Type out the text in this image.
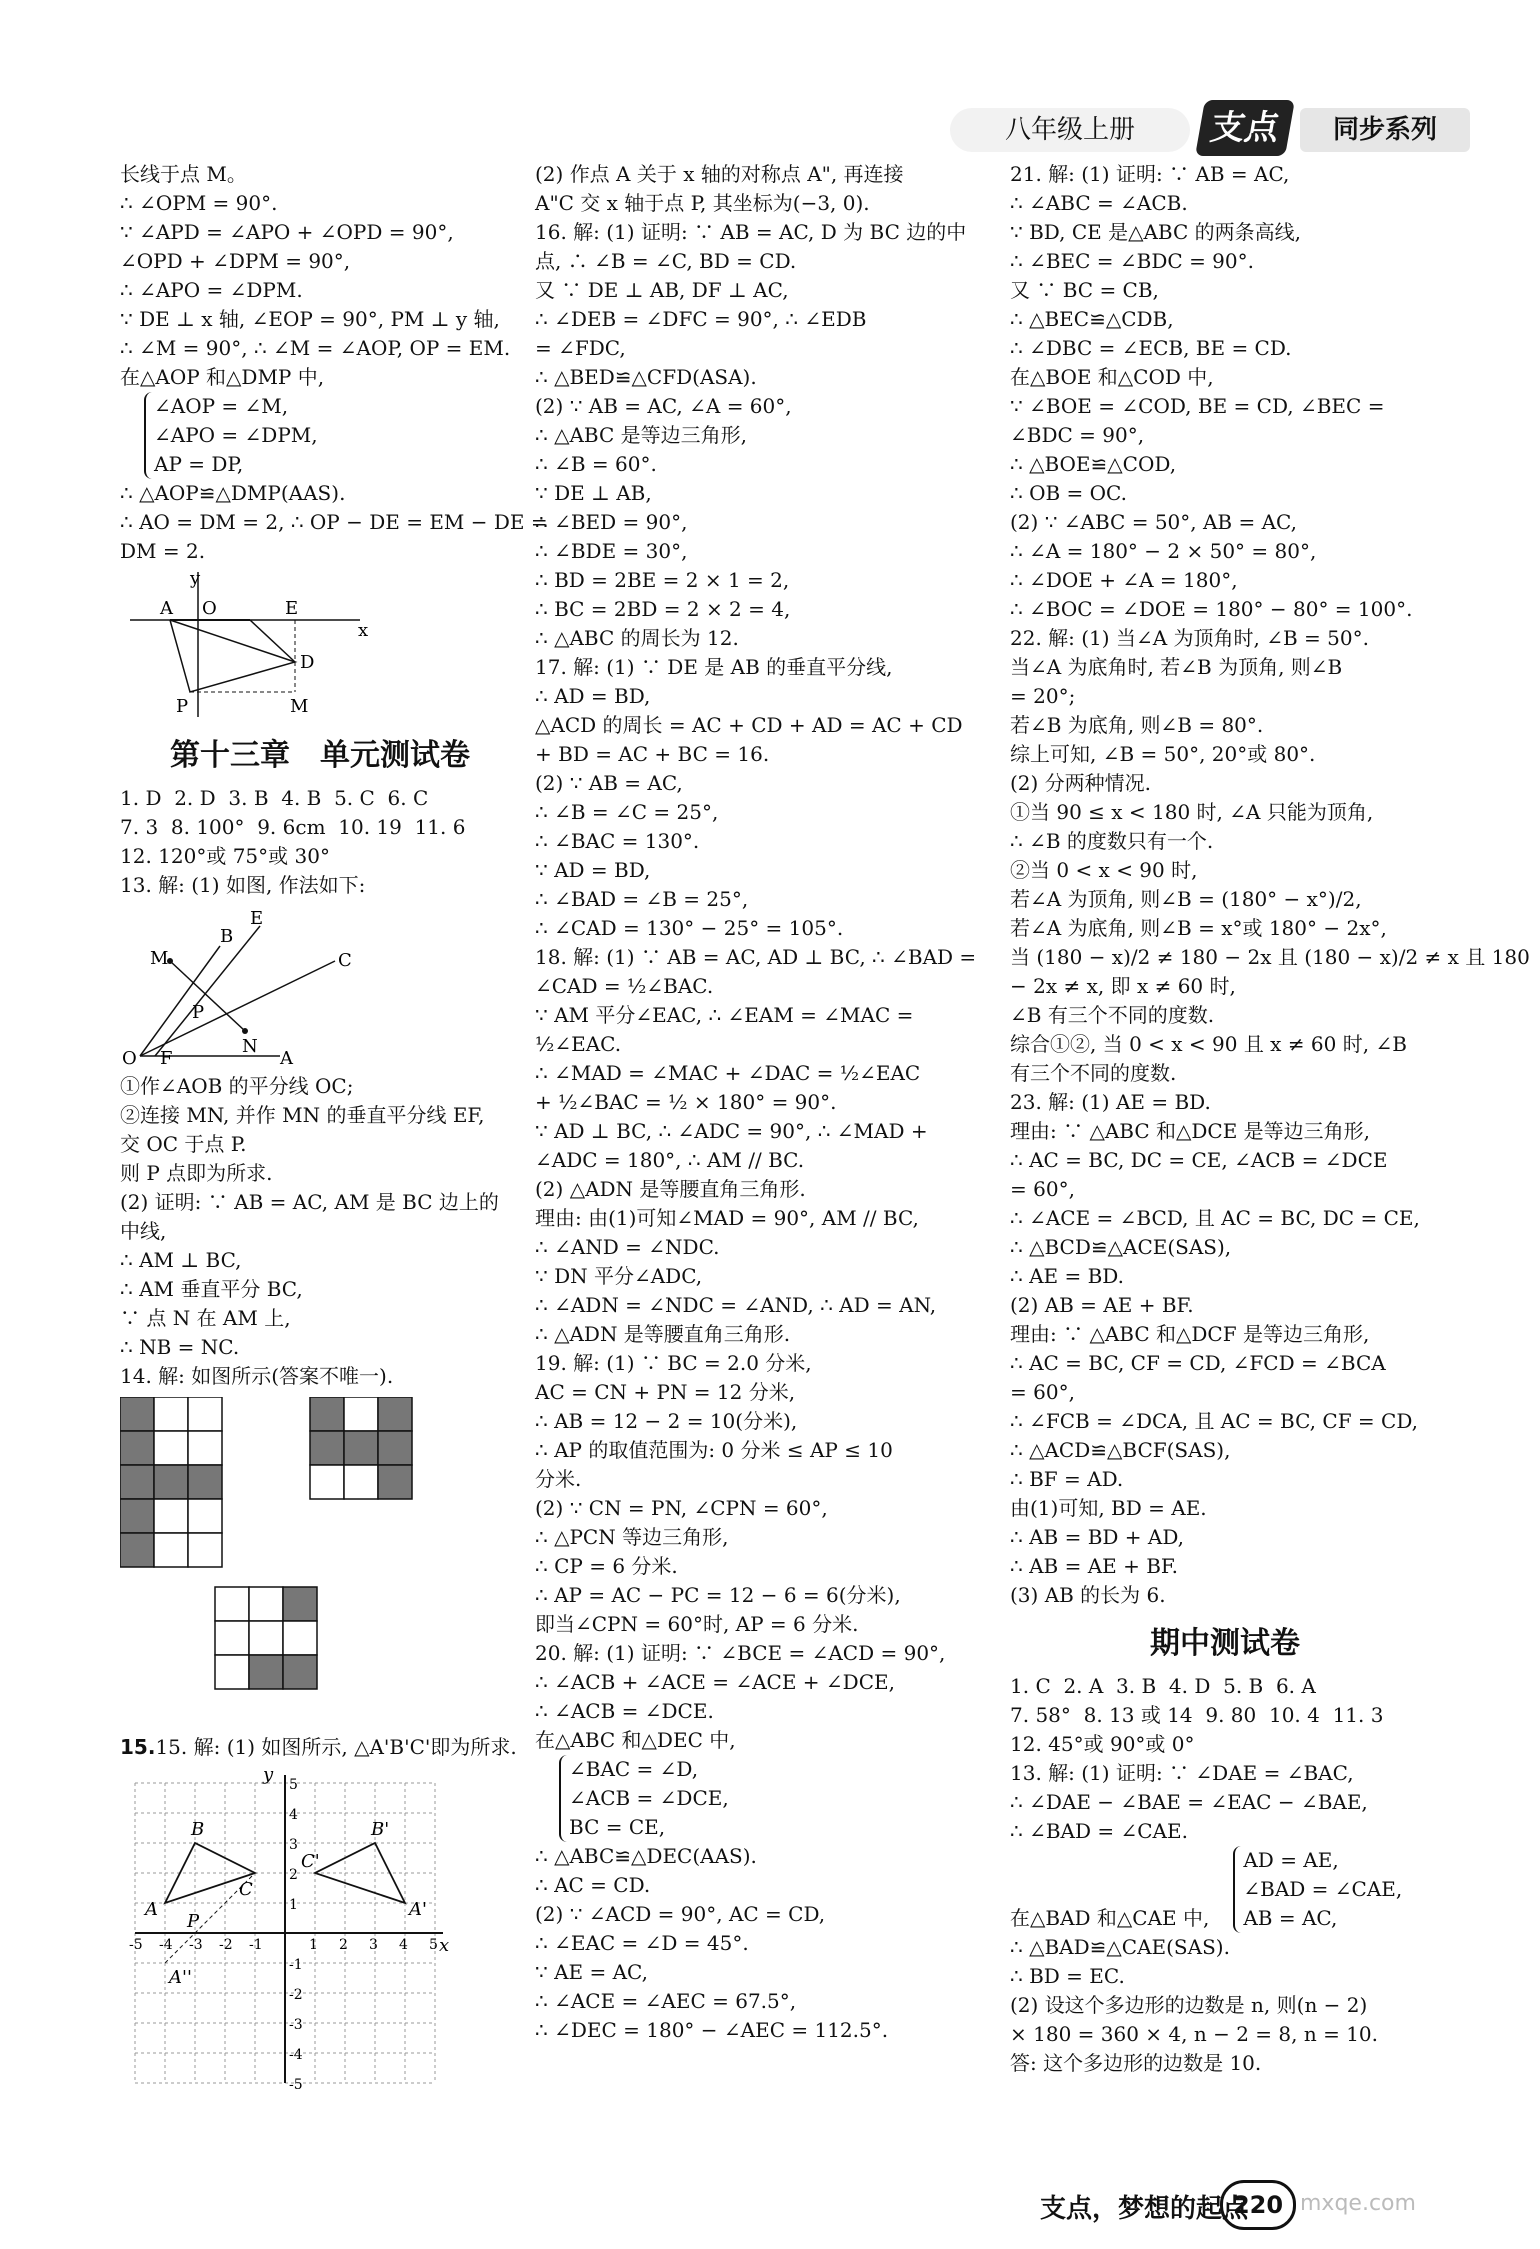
八年级上册	支点	同步系列
长线于点 M。
∴ ∠OPM = 90°.
∵ ∠APD = ∠APO + ∠OPD = 90°,
∠OPD + ∠DPM = 90°,
∴ ∠APO = ∠DPM.
∵ DE ⊥ x 轴, ∠EOP = 90°, PM ⊥ y 轴,
∴ ∠M = 90°, ∴ ∠M = ∠AOP, OP = EM.
在△AOP 和△DMP 中,
∠AOP = ∠M,
∠APO = ∠DPM,
AP = DP,
∴ △AOP≌△DMP(AAS).
∴ AO = DM = 2, ∴ OP − DE = EM − DE =
DM = 2.
y
A O	E
x
D
P	M
第十三章　单元测试卷
1. D  2. D  3. B  4. B  5. C  6. C
7. 3  8. 100°  9. 6cm  10. 19  11. 6
12. 120°或 75°或 30°
13. 解: (1) 如图, 作法如下:
E
B
M	C
P
N
O F	A
①作∠AOB 的平分线 OC;
②连接 MN, 并作 MN 的垂直平分线 EF,
交 OC 于点 P.
则 P 点即为所求.
(2) 证明: ∵ AB = AC, AM 是 BC 边上的
中线,
∴ AM ⊥ BC,
∴ AM 垂直平分 BC,
∵ 点 N 在 AM 上,
∴ NB = NC.
14. 解: 如图所示(答案不唯一).
15.15. 解: (1) 如图所示, △A'B'C'即为所求.
y
x
B	B'
C
C'
A	A'
P
A''
5
5
4
4
3
3
2
2
1
1
-1
-1
-2
-2
-3
-3
-4
-4
-5
-5
(2) 作点 A 关于 x 轴的对称点 A", 再连接
A"C 交 x 轴于点 P, 其坐标为(−3, 0).
16. 解: (1) 证明: ∵ AB = AC, D 为 BC 边的中
点, ∴ ∠B = ∠C, BD = CD.
又 ∵ DE ⊥ AB, DF ⊥ AC,
∴ ∠DEB = ∠DFC = 90°, ∴ ∠EDB
= ∠FDC,
∴ △BED≌△CFD(ASA).
(2) ∵ AB = AC, ∠A = 60°,
∴ △ABC 是等边三角形,
∴ ∠B = 60°.
∵ DE ⊥ AB,
∴ ∠BED = 90°,
∴ ∠BDE = 30°,
∴ BD = 2BE = 2 × 1 = 2,
∴ BC = 2BD = 2 × 2 = 4,
∴ △ABC 的周长为 12.
17. 解: (1) ∵ DE 是 AB 的垂直平分线,
∴ AD = BD,
△ACD 的周长 = AC + CD + AD = AC + CD
+ BD = AC + BC = 16.
(2) ∵ AB = AC,
∴ ∠B = ∠C = 25°,
∴ ∠BAC = 130°.
∵ AD = BD,
∴ ∠BAD = ∠B = 25°,
∴ ∠CAD = 130° − 25° = 105°.
18. 解: (1) ∵ AB = AC, AD ⊥ BC, ∴ ∠BAD =
∠CAD = ½∠BAC.
∵ AM 平分∠EAC, ∴ ∠EAM = ∠MAC =
½∠EAC.
∴ ∠MAD = ∠MAC + ∠DAC = ½∠EAC
+ ½∠BAC = ½ × 180° = 90°.
∵ AD ⊥ BC, ∴ ∠ADC = 90°, ∴ ∠MAD +
∠ADC = 180°, ∴ AM // BC.
(2) △ADN 是等腰直角三角形.
理由: 由(1)可知∠MAD = 90°, AM // BC,
∴ ∠AND = ∠NDC.
∵ DN 平分∠ADC,
∴ ∠ADN = ∠NDC = ∠AND, ∴ AD = AN,
∴ △ADN 是等腰直角三角形.
19. 解: (1) ∵ BC = 2.0 分米,
AC = CN + PN = 12 分米,
∴ AB = 12 − 2 = 10(分米),
∴ AP 的取值范围为: 0 分米 ≤ AP ≤ 10
分米.
(2) ∵ CN = PN, ∠CPN = 60°,
∴ △PCN 等边三角形,
∴ CP = 6 分米.
∴ AP = AC − PC = 12 − 6 = 6(分米),
即当∠CPN = 60°时, AP = 6 分米.
20. 解: (1) 证明: ∵ ∠BCE = ∠ACD = 90°,
∴ ∠ACB + ∠ACE = ∠ACE + ∠DCE,
∴ ∠ACB = ∠DCE.
在△ABC 和△DEC 中,
∠BAC = ∠D,
∠ACB = ∠DCE,
BC = CE,
∴ △ABC≌△DEC(AAS).
∴ AC = CD.
(2) ∵ ∠ACD = 90°, AC = CD,
∴ ∠EAC = ∠D = 45°.
∵ AE = AC,
∴ ∠ACE = ∠AEC = 67.5°,
∴ ∠DEC = 180° − ∠AEC = 112.5°.
21. 解: (1) 证明: ∵ AB = AC,
∴ ∠ABC = ∠ACB.
∵ BD, CE 是△ABC 的两条高线,
∴ ∠BEC = ∠BDC = 90°.
又 ∵ BC = CB,
∴ △BEC≌△CDB,
∴ ∠DBC = ∠ECB, BE = CD.
在△BOE 和△COD 中,
∵ ∠BOE = ∠COD, BE = CD, ∠BEC =
∠BDC = 90°,
∴ △BOE≌△COD,
∴ OB = OC.
(2) ∵ ∠ABC = 50°, AB = AC,
∴ ∠A = 180° − 2 × 50° = 80°,
∴ ∠DOE + ∠A = 180°,
∴ ∠BOC = ∠DOE = 180° − 80° = 100°.
22. 解: (1) 当∠A 为顶角时, ∠B = 50°.
当∠A 为底角时, 若∠B 为顶角, 则∠B
= 20°;
若∠B 为底角, 则∠B = 80°.
综上可知, ∠B = 50°, 20°或 80°.
(2) 分两种情况.
①当 90 ≤ x < 180 时, ∠A 只能为顶角,
∴ ∠B 的度数只有一个.
②当 0 < x < 90 时,
若∠A 为顶角, 则∠B = (180° − x°)/2,
若∠A 为底角, 则∠B = x°或 180° − 2x°,
当 (180 − x)/2 ≠ 180 − 2x 且 (180 − x)/2 ≠ x 且 180
− 2x ≠ x, 即 x ≠ 60 时,
∠B 有三个不同的度数.
综合①②, 当 0 < x < 90 且 x ≠ 60 时, ∠B
有三个不同的度数.
23. 解: (1) AE = BD.
理由: ∵ △ABC 和△DCE 是等边三角形,
∴ AC = BC, DC = CE, ∠ACB = ∠DCE
= 60°,
∴ ∠ACE = ∠BCD, 且 AC = BC, DC = CE,
∴ △BCD≌△ACE(SAS),
∴ AE = BD.
(2) AB = AE + BF.
理由: ∵ △ABC 和△DCF 是等边三角形,
∴ AC = BC, CF = CD, ∠FCD = ∠BCA
= 60°,
∴ ∠FCB = ∠DCA, 且 AC = BC, CF = CD,
∴ △ACD≌△BCF(SAS),
∴ BF = AD.
由(1)可知, BD = AE.
∴ AB = BD + AD,
∴ AB = AE + BF.
(3) AB 的长为 6.
期中测试卷
1. C  2. A  3. B  4. D  5. B  6. A
7. 58°  8. 13 或 14  9. 80  10. 4  11. 3
12. 45°或 90°或 0°
13. 解: (1) 证明: ∵ ∠DAE = ∠BAC,
∴ ∠DAE − ∠BAE = ∠EAC − ∠BAE,
∴ ∠BAD = ∠CAE.
在△BAD 和△CAE 中,
AD = AE,
∠BAD = ∠CAE,
AB = AC,
∴ △BAD≌△CAE(SAS).
∴ BD = EC.
(2) 设这个多边形的边数是 n, 则(n − 2)
× 180 = 360 × 4, n − 2 = 8, n = 10.
答: 这个多边形的边数是 10.
支点，梦想的起点
220 mxqe.com
